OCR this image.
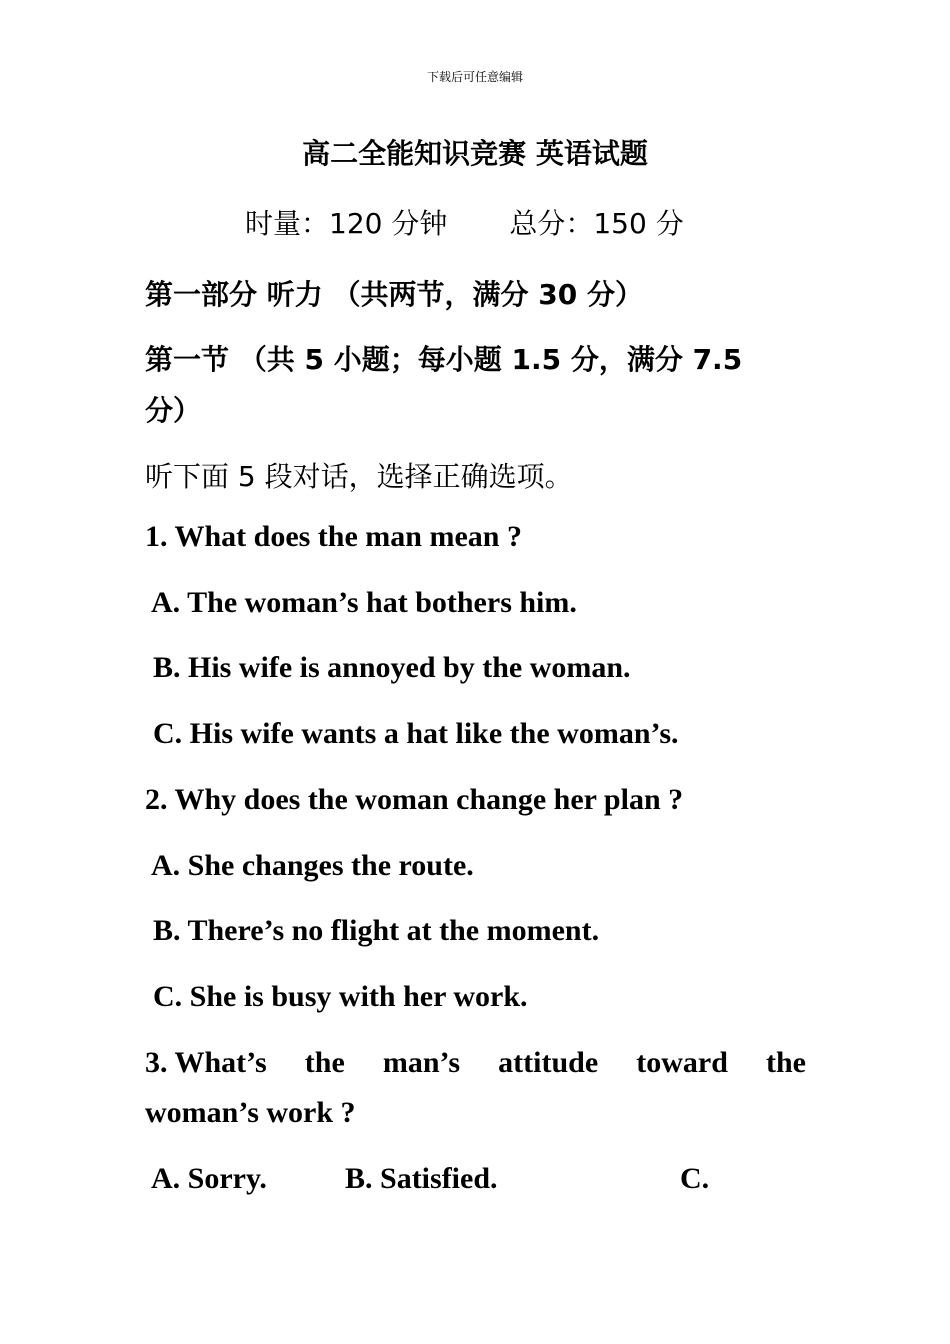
下载后可任意编辑
高二全能知识竞赛 英语试题
时量：120 分钟 总分：150 分
第一部分 听力 （共两节，满分 30 分）
第一节 （共 5 小题；每小题 1.5 分，满分 7.5
分）
听下面 5 段对话，选择正确选项。
1. What does the man mean ?
A. The woman’s hat bothers him.
B. His wife is annoyed by the woman.
C. His wife wants a hat like the woman’s.
2. Why does the woman change her plan ?
A. She changes the route.
B. There’s no flight at the moment.
C. She is busy with her work.
3. What’s the man’s attitude toward the
woman’s work ?
A. Sorry.	B. Satisfied.	C.
